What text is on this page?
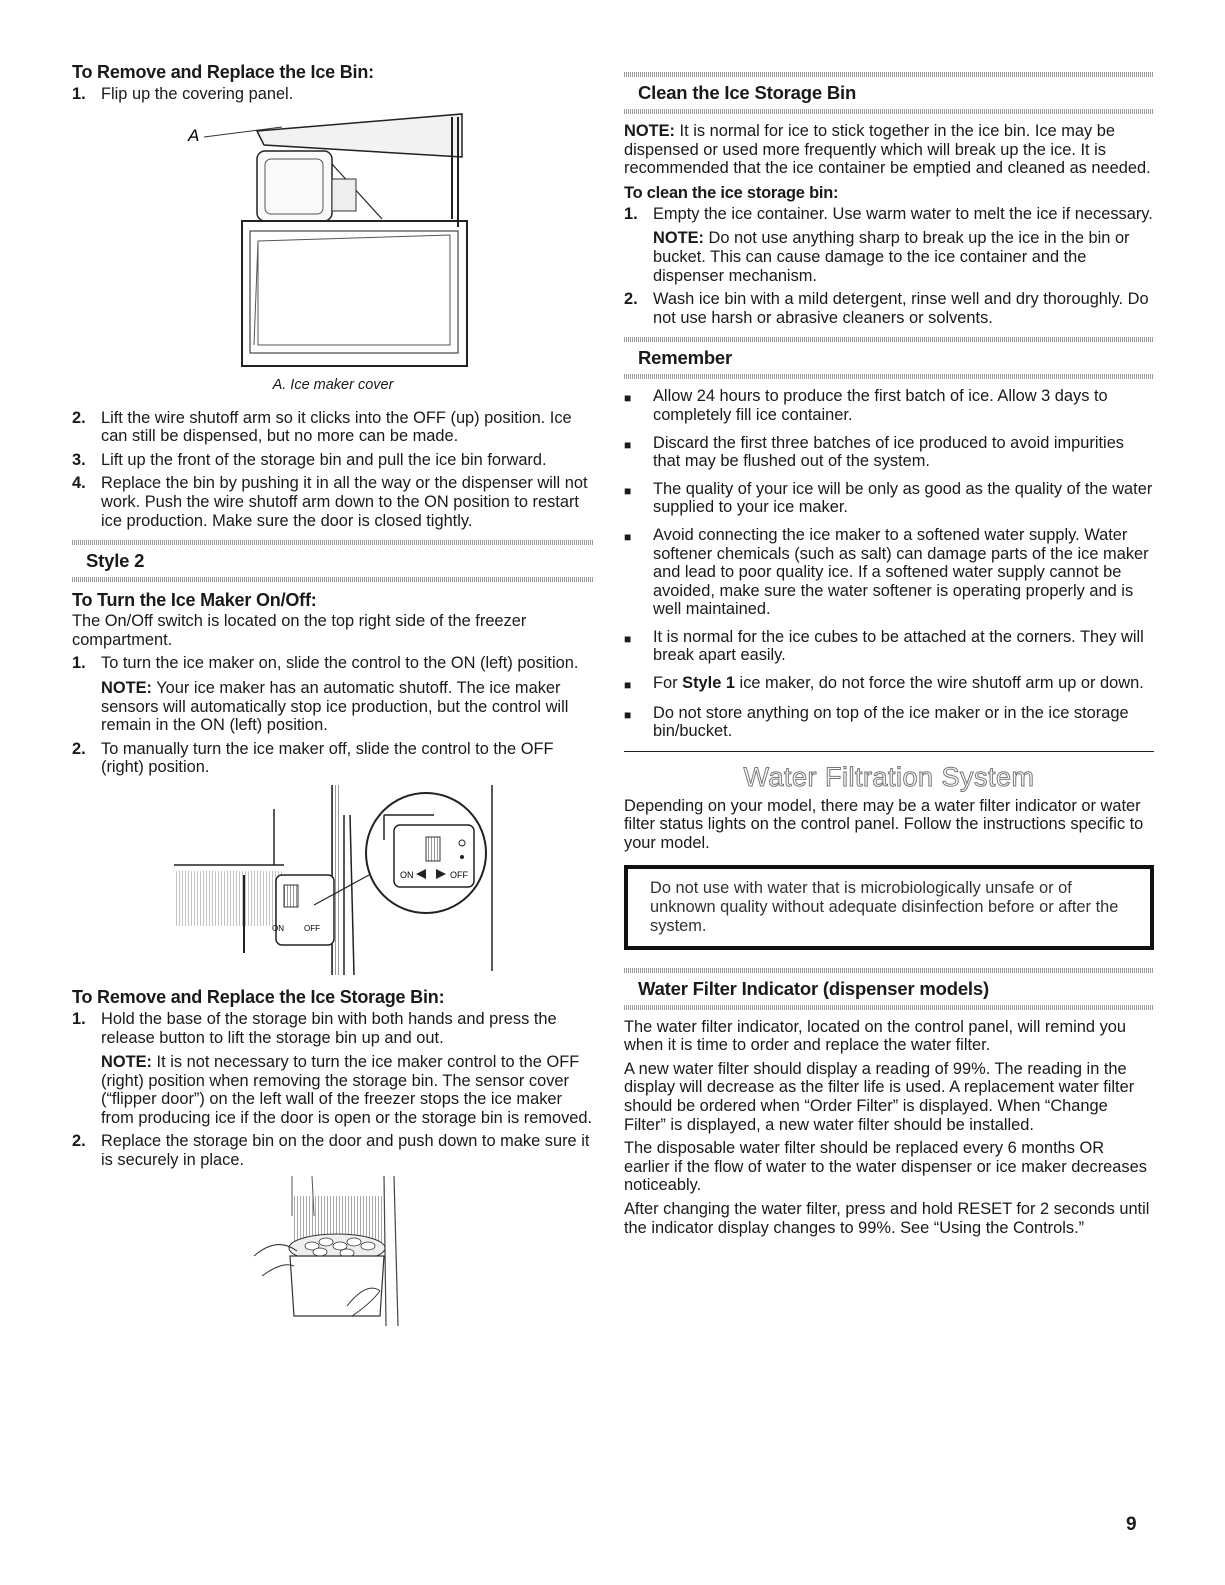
To Remove and Replace the Ice Bin:
1. Flip up the covering panel.
A
A. Ice maker cover
2. Lift the wire shutoff arm so it clicks into the OFF (up) position. Ice can still be dispensed, but no more can be made.
3. Lift up the front of the storage bin and pull the ice bin forward.
4. Replace the bin by pushing it in all the way or the dispenser will not work. Push the wire shutoff arm down to the ON position to restart ice production. Make sure the door is closed tightly.
Style 2
To Turn the Ice Maker On/Off:

The On/Off switch is located on the top right side of the freezer compartment.

1. To turn the ice maker on, slide the control to the ON (left) position.

NOTE: Your ice maker has an automatic shutoff. The ice maker sensors will automatically stop ice production, but the control will remain in the ON (left) position.

2. To manually turn the ice maker off, slide the control to the OFF (right) position.
ON	OFF
ON	OFF
To Remove and Replace the Ice Storage Bin:
1. Hold the base of the storage bin with both hands and press the release button to lift the storage bin up and out.

NOTE: It is not necessary to turn the ice maker control to the OFF (right) position when removing the storage bin. The sensor cover (“flipper door”) on the left wall of the freezer stops the ice maker from producing ice if the door is open or the storage bin is removed.

2. Replace the storage bin on the door and push down to make sure it is securely in place.
Clean the Ice Storage Bin

NOTE: It is normal for ice to stick together in the ice bin. Ice may be dispensed or used more frequently which will break up the ice. It is recommended that the ice container be emptied and cleaned as needed.

To clean the ice storage bin:
1. Empty the ice container. Use warm water to melt the ice if necessary.

NOTE: Do not use anything sharp to break up the ice in the bin or bucket. This can cause damage to the ice container and the dispenser mechanism.

2. Wash ice bin with a mild detergent, rinse well and dry thoroughly. Do not use harsh or abrasive cleaners or solvents.
Remember
■	Allow 24 hours to produce the first batch of ice. Allow 3 days to completely fill ice container.
■	Discard the first three batches of ice produced to avoid impurities that may be flushed out of the system.
■	The quality of your ice will be only as good as the quality of the water supplied to your ice maker.
■	Avoid connecting the ice maker to a softened water supply. Water softener chemicals (such as salt) can damage parts of the ice maker and lead to poor quality ice. If a softened water supply cannot be avoided, make sure the water softener is operating properly and is well maintained.
■	It is normal for the ice cubes to be attached at the corners. They will break apart easily.
■	For Style 1 ice maker, do not force the wire shutoff arm up or down.
■	Do not store anything on top of the ice maker or in the ice storage bin/bucket.
Water Filtration System

Depending on your model, there may be a water filter indicator or water filter status lights on the control panel. Follow the instructions specific to your model.

Do not use with water that is microbiologically unsafe or of unknown quality without adequate disinfection before or after the system.

Water Filter Indicator (dispenser models)

The water filter indicator, located on the control panel, will remind you when it is time to order and replace the water filter.

A new water filter should display a reading of 99%. The reading in the display will decrease as the filter life is used. A replacement water filter should be ordered when “Order Filter” is displayed. When “Change Filter” is displayed, a new water filter should be installed.

The disposable water filter should be replaced every 6 months OR earlier if the flow of water to the water dispenser or ice maker decreases noticeably.

After changing the water filter, press and hold RESET for 2 seconds until the indicator display changes to 99%. See “Using the Controls.”

9
